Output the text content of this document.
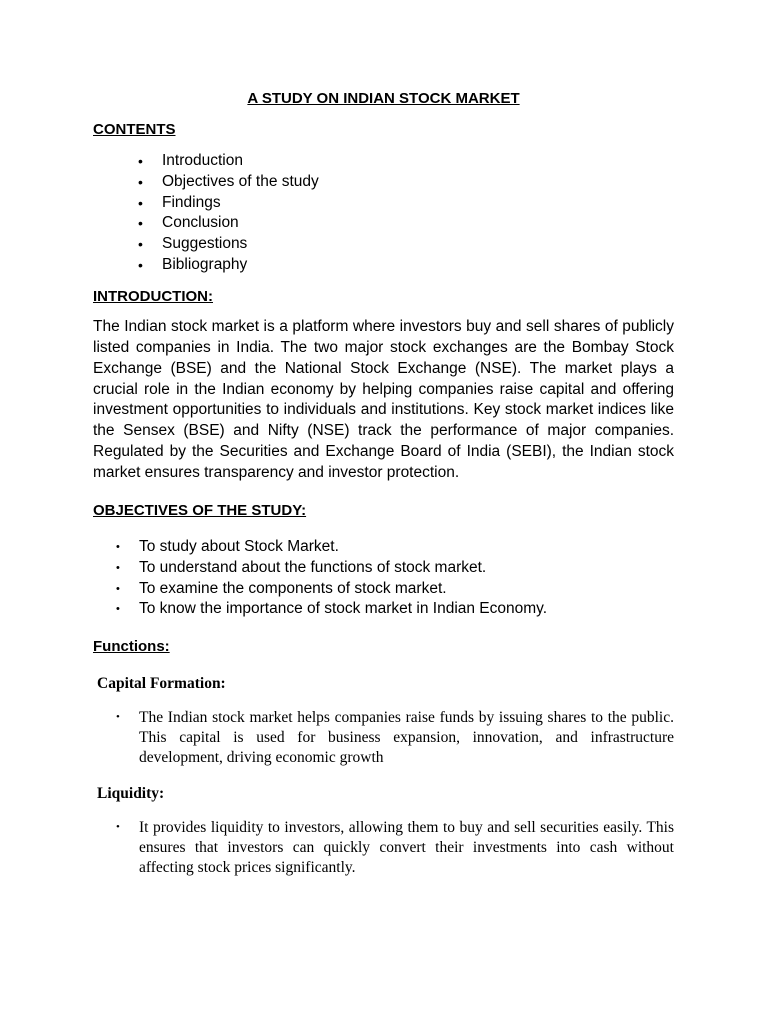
A STUDY ON INDIAN STOCK MARKET
CONTENTS
• Introduction
• Objectives of the study
• Findings
• Conclusion
• Suggestions
• Bibliography
INTRODUCTION:

The Indian stock market is a platform where investors buy and sell shares of publicly listed companies in India. The two major stock exchanges are the Bombay Stock Exchange (BSE) and the National Stock Exchange (NSE). The market plays a crucial role in the Indian economy by helping companies raise capital and offering investment opportunities to individuals and institutions. Key stock market indices like the Sensex (BSE) and Nifty (NSE) track the performance of major companies. Regulated by the Securities and Exchange Board of India (SEBI), the Indian stock market ensures transparency and investor protection.

OBJECTIVES OF THE STUDY:
• To study about Stock Market.
• To understand about the functions of stock market.
• To examine the components of stock market.
• To know the importance of stock market in Indian Economy.
Functions:
Capital Formation:
• The Indian stock market helps companies raise funds by issuing shares to the public. This capital is used for business expansion, innovation, and infrastructure development, driving economic growth
Liquidity:
• It provides liquidity to investors, allowing them to buy and sell securities easily. This ensures that investors can quickly convert their investments into cash without affecting stock prices significantly.
